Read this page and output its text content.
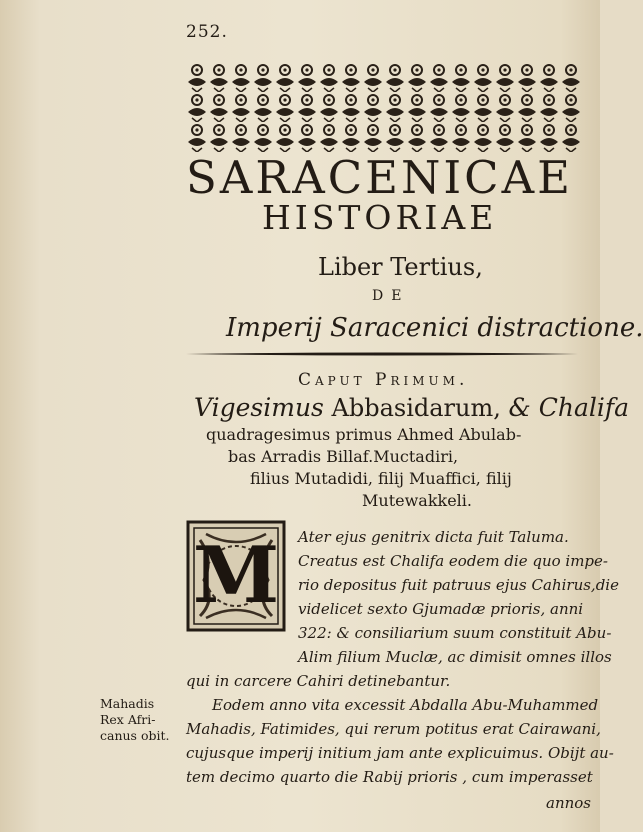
252.
SARACENICAE
HISTORIAE
Liber Tertius,
DE
Imperij Saracenici distractione.
Caput Primum.
Vigesimus Abbasidarum, & Chalifa
quadragesimus primus Ahmed Abulab-
bas Arradis Billaf.Muctadiri,
filius Mutadidi, filij Muaffici, filij
Mutewakkeli.
M Ater ejus genitrix dicta fuit Taluma.
Creatus est Chalifa eodem die quo impe-
rio depositus fuit patruus ejus Cahirus,die
videlicet sexto Gjumadæ prioris, anni
322: & consiliarium suum constituit Abu-
Alim filium Muclæ, ac dimisit omnes illos
qui in carcere Cahiri detinebantur.
Eodem anno vita excessit Abdalla Abu-Muhammed
Mahadis, Fatimides, qui rerum potitus erat Cairawani,
cujusque imperij initium jam ante explicuimus. Obijt au-
tem decimo quarto die Rabij prioris , cum imperasset
annos
Mahadis
Rex Afri-
canus obit.
